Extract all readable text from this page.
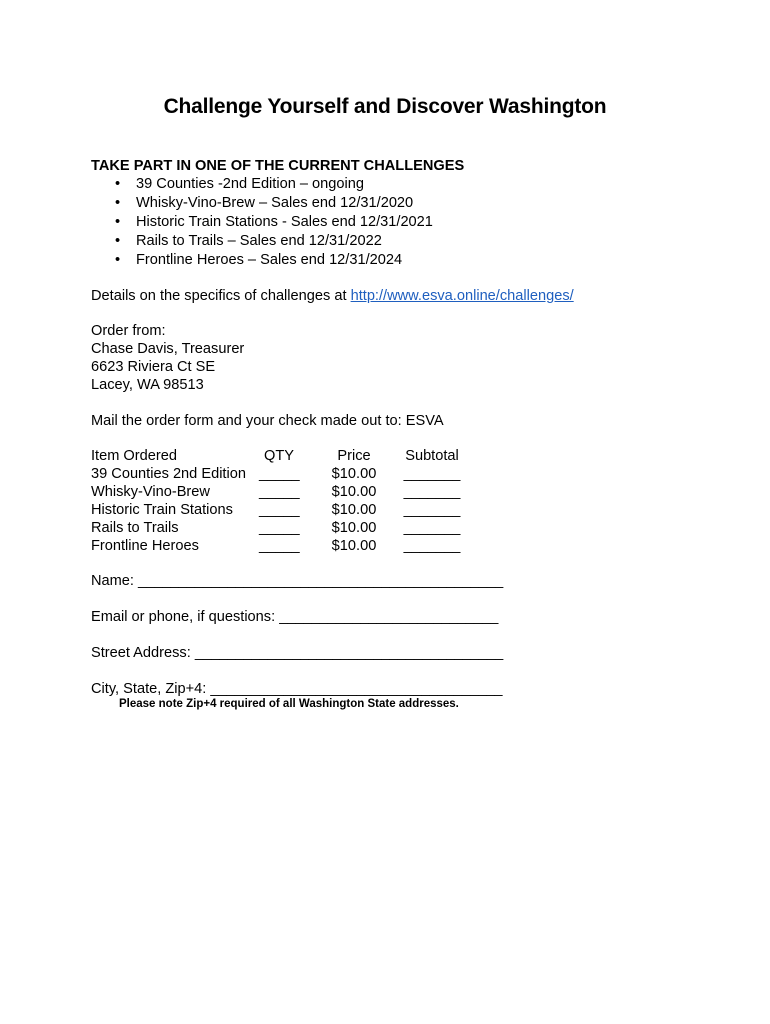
Challenge Yourself and Discover Washington
TAKE PART IN ONE OF THE CURRENT CHALLENGES
• 39 Counties -2nd Edition – ongoing
• Whisky-Vino-Brew – Sales end 12/31/2020
• Historic Train Stations - Sales end 12/31/2021
• Rails to Trails – Sales end 12/31/2022
• Frontline Heroes – Sales end 12/31/2024
Details on the specifics of challenges at http://www.esva.online/challenges/
Order from:
Chase Davis, Treasurer
6623 Riviera Ct SE
Lacey, WA 98513
Mail the order form and your check made out to: ESVA
Item Ordered	QTY	Price	Subtotal
39 Counties 2nd Edition _____	$10.00	_______
Whisky-Vino-Brew	_____	$10.00	_______
Historic Train Stations _____	$10.00	_______
Rails to Trails	_____	$10.00	_______
Frontline Heroes	_____	$10.00	_______
Name: _____________________________________________
Email or phone, if questions: ___________________________
Street Address: ______________________________________
City, State, Zip+4: ____________________________________
Please note Zip+4 required of all Washington State addresses.
